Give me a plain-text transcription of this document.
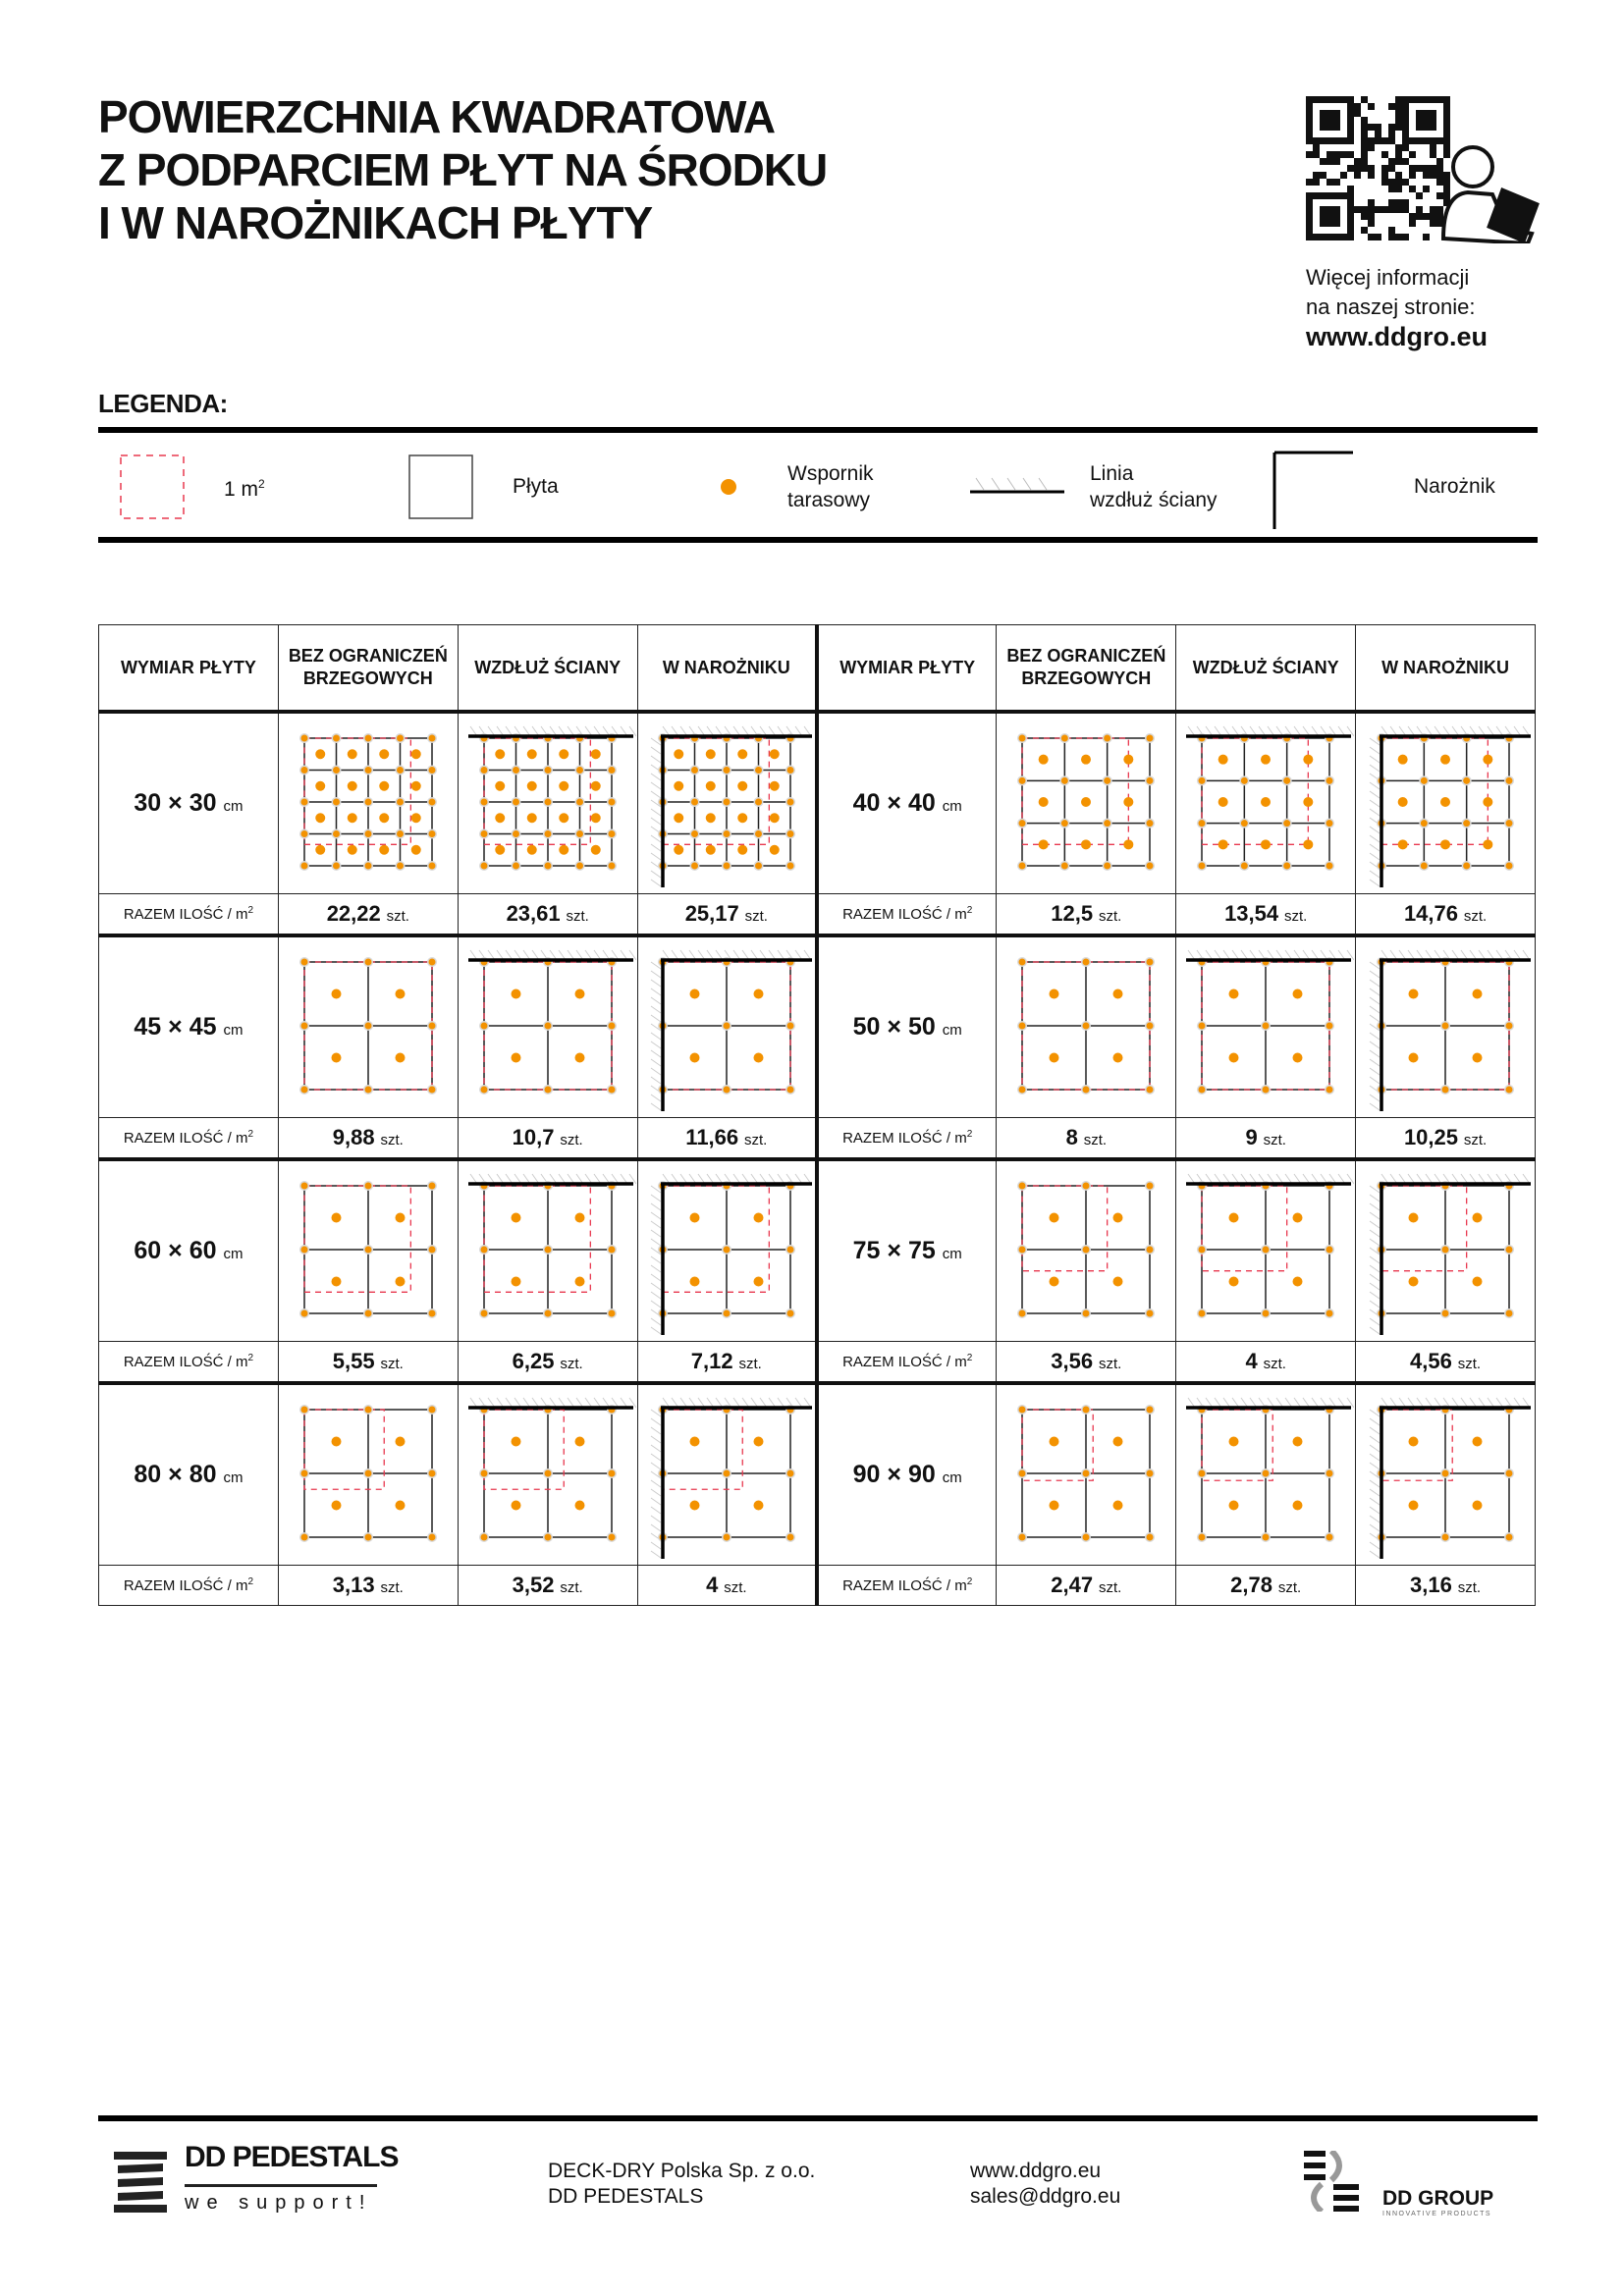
POWIERZCHNIA KWADRATOWA
Z PODPARCIEM PŁYT NA ŚRODKU
I W NAROŻNIKACH PŁYTY
Więcej informacji
na naszej stronie:
www.ddgro.eu
LEGENDA:
1 $m^2$	Płyta
Wspornik
tarasowy
Linia
wzdłuż ściany
Narożnik
WYMIAR PŁYTY	BEZ OGRANICZEŃ BRZEGOWYCH	WZDŁUŻ ŚCIANY	W NAROŻNIKU	WYMIAR PŁYTY	BEZ OGRANICZEŃ BRZEGOWYCH	WZDŁUŻ ŚCIANY	W NAROŻNIKU
30 × 30 cm				40 × 40 cm			
RAZEM ILOŚĆ / $m^2$	22,22 szt.	23,61 szt.	25,17 szt.	RAZEM ILOŚĆ / $m^2$	12,5 szt.	13,54 szt.	14,76 szt.
45 × 45 cm				50 × 50 cm			
RAZEM ILOŚĆ / $m^2$	9,88 szt.	10,7 szt.	11,66 szt.	RAZEM ILOŚĆ / $m^2$	8 szt.	9 szt.	10,25 szt.
60 × 60 cm				75 × 75 cm			
RAZEM ILOŚĆ / $m^2$	5,55 szt.	6,25 szt.	7,12 szt.	RAZEM ILOŚĆ / $m^2$	3,56 szt.	4 szt.	4,56 szt.
80 × 80 cm				90 × 90 cm			
RAZEM ILOŚĆ / $m^2$	3,13 szt.	3,52 szt.	4 szt.	RAZEM ILOŚĆ / $m^2$	2,47 szt.	2,78 szt.	3,16 szt.
DD PEDESTALS
we support!
DECK-DRY Polska Sp. z o.o.
DD PEDESTALS
www.ddgro.eu
sales@ddgro.eu	DD GROUP
INNOVATIVE PRODUCTS
